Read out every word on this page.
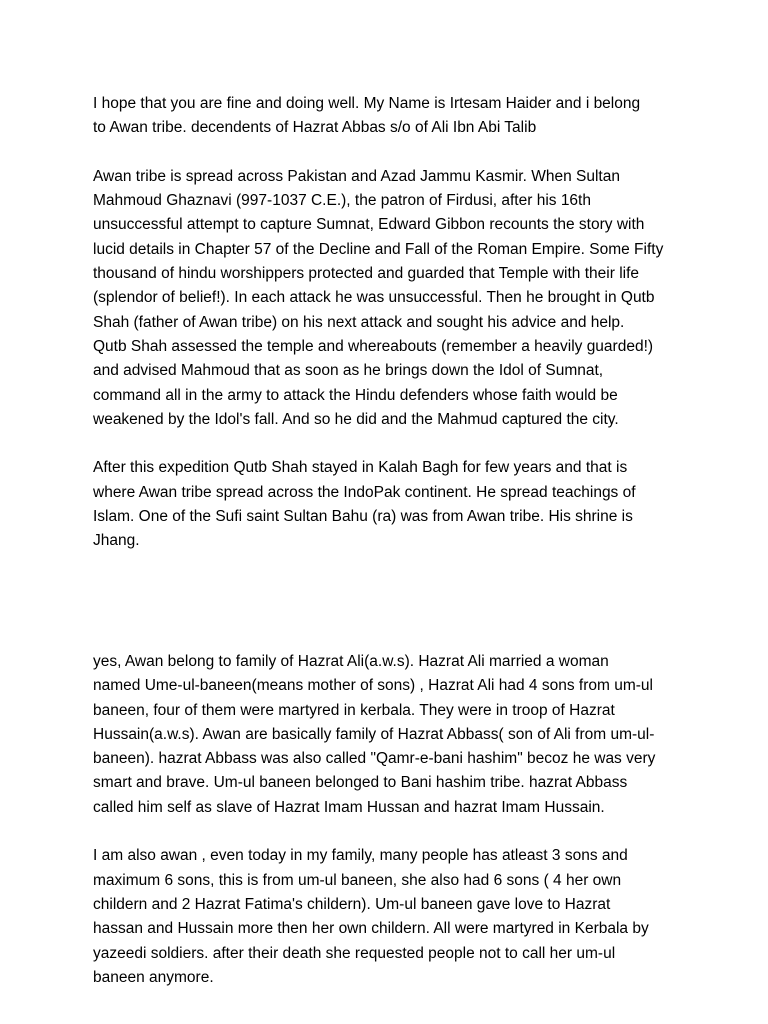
I hope that you are fine and doing well. My Name is Irtesam Haider and i belong
to Awan tribe. decendents of Hazrat Abbas s/o of Ali Ibn Abi Talib
Awan tribe is spread across Pakistan and Azad Jammu Kasmir. When Sultan
Mahmoud Ghaznavi (997-1037 C.E.), the patron of Firdusi, after his 16th
unsuccessful attempt to capture Sumnat, Edward Gibbon recounts the story with
lucid details in Chapter 57 of the Decline and Fall of the Roman Empire. Some Fifty
thousand of hindu worshippers protected and guarded that Temple with their life
(splendor of belief!). In each attack he was unsuccessful. Then he brought in Qutb
Shah (father of Awan tribe) on his next attack and sought his advice and help.
Qutb Shah assessed the temple and whereabouts (remember a heavily guarded!)
and advised Mahmoud that as soon as he brings down the Idol of Sumnat,
command all in the army to attack the Hindu defenders whose faith would be
weakened by the Idol's fall. And so he did and the Mahmud captured the city.
After this expedition Qutb Shah stayed in Kalah Bagh for few years and that is
where Awan tribe spread across the IndoPak continent. He spread teachings of
Islam. One of the Sufi saint Sultan Bahu (ra) was from Awan tribe. His shrine is
Jhang.
yes, Awan belong to family of Hazrat Ali(a.w.s). Hazrat Ali married a woman
named Ume-ul-baneen(means mother of sons) , Hazrat Ali had 4 sons from um-ul
baneen, four of them were martyred in kerbala. They were in troop of Hazrat
Hussain(a.w.s). Awan are basically family of Hazrat Abbass( son of Ali from um-ul-
baneen). hazrat Abbass was also called "Qamr-e-bani hashim" becoz he was very
smart and brave. Um-ul baneen belonged to Bani hashim tribe. hazrat Abbass
called him self as slave of Hazrat Imam Hussan and hazrat Imam Hussain.
I am also awan , even today in my family, many people has atleast 3 sons and
maximum 6 sons, this is from um-ul baneen, she also had 6 sons ( 4 her own
childern and 2 Hazrat Fatima's childern). Um-ul baneen gave love to Hazrat
hassan and Hussain more then her own childern. All were martyred in Kerbala by
yazeedi soldiers. after their death she requested people not to call her um-ul
baneen anymore.
